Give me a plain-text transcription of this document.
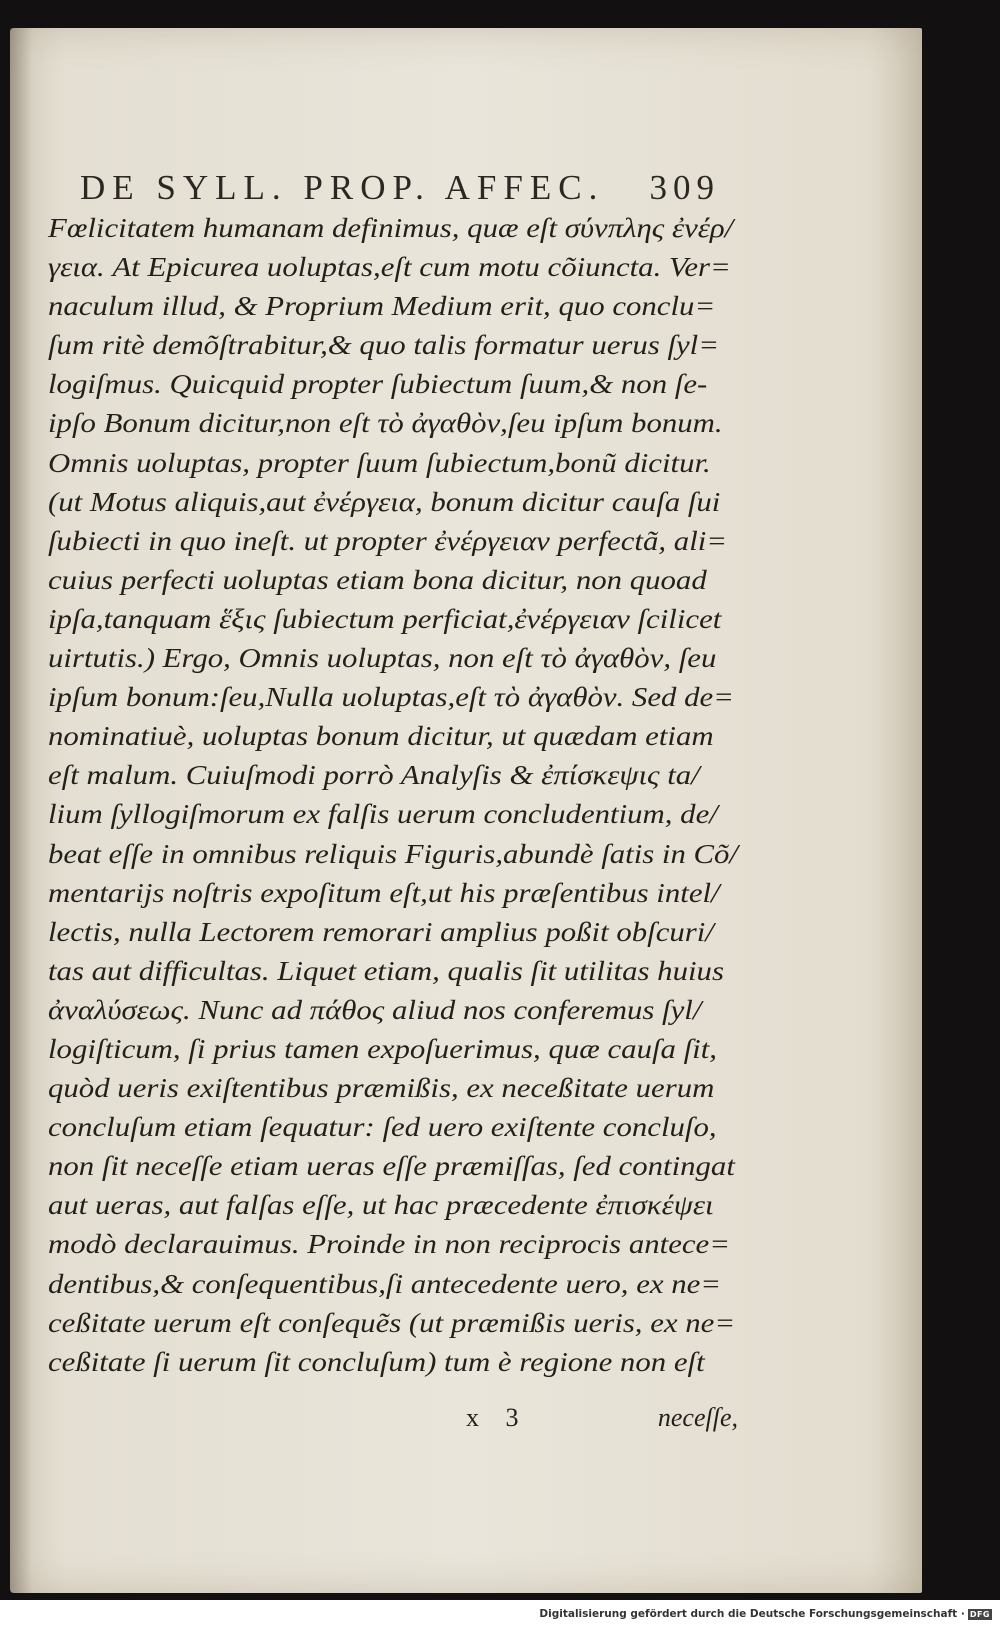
DE SYLL. PROP. AFFEC. 309
Fœlicitatem humanam definimus, quæ eſt σύνπλης ἐνέρ/
γεια. At Epicurea uoluptas,eſt cum motu cõiuncta. Ver=
naculum illud, & Proprium Medium erit, quo conclu=
ſum ritè demõſtrabitur,& quo talis formatur uerus ſyl=
logiſmus. Quicquid propter ſubiectum ſuum,& non ſe-
ipſo Bonum dicitur,non eſt τὸ ἀγαθὸν,ſeu ipſum bonum.
Omnis uoluptas, propter ſuum ſubiectum,bonũ dicitur.
(ut Motus aliquis,aut ἐνέργεια, bonum dicitur cauſa ſui
ſubiecti in quo ineſt. ut propter ἐνέργειαν perfectã, ali=
cuius perfecti uoluptas etiam bona dicitur, non quoad
ipſa,tanquam ἕξις ſubiectum perficiat,ἐνέργειαν ſcilicet
uirtutis.) Ergo, Omnis uoluptas, non eſt τὸ ἀγαθὸν, ſeu
ipſum bonum:ſeu,Nulla uoluptas,eſt τὸ ἀγαθὸν. Sed de=
nominatiuè, uoluptas bonum dicitur, ut quædam etiam
eſt malum. Cuiuſmodi porrò Analyſis & ἐπίσκεψις ta/
lium ſyllogiſmorum ex falſis uerum concludentium, de/
beat eſſe in omnibus reliquis Figuris,abundè ſatis in Cõ/
mentarijs noſtris expoſitum eſt,ut his præſentibus intel/
lectis, nulla Lectorem remorari amplius poßit obſcuri/
tas aut difficultas. Liquet etiam, qualis ſit utilitas huius
ἀναλύσεως. Nunc ad πάθος aliud nos conferemus ſyl/
logiſticum, ſi prius tamen expoſuerimus, quæ cauſa ſit,
quòd ueris exiſtentibus præmißis, ex neceßitate uerum
concluſum etiam ſequatur: ſed uero exiſtente concluſo,
non ſit neceſſe etiam ueras eſſe præmiſſas, ſed contingat
aut ueras, aut falſas eſſe, ut hac præcedente ἐπισκέψει
modò declarauimus. Proinde in non reciprocis antece=
dentibus,& conſequentibus,ſi antecedente uero, ex ne=
ceßitate uerum eſt conſequẽs (ut præmißis ueris, ex ne=
ceßitate ſi uerum ſit concluſum) tum è regione non eſt
x 3	neceſſe,
Digitalisierung gefördert durch die Deutsche Forschungsgemeinschaft · DFG
